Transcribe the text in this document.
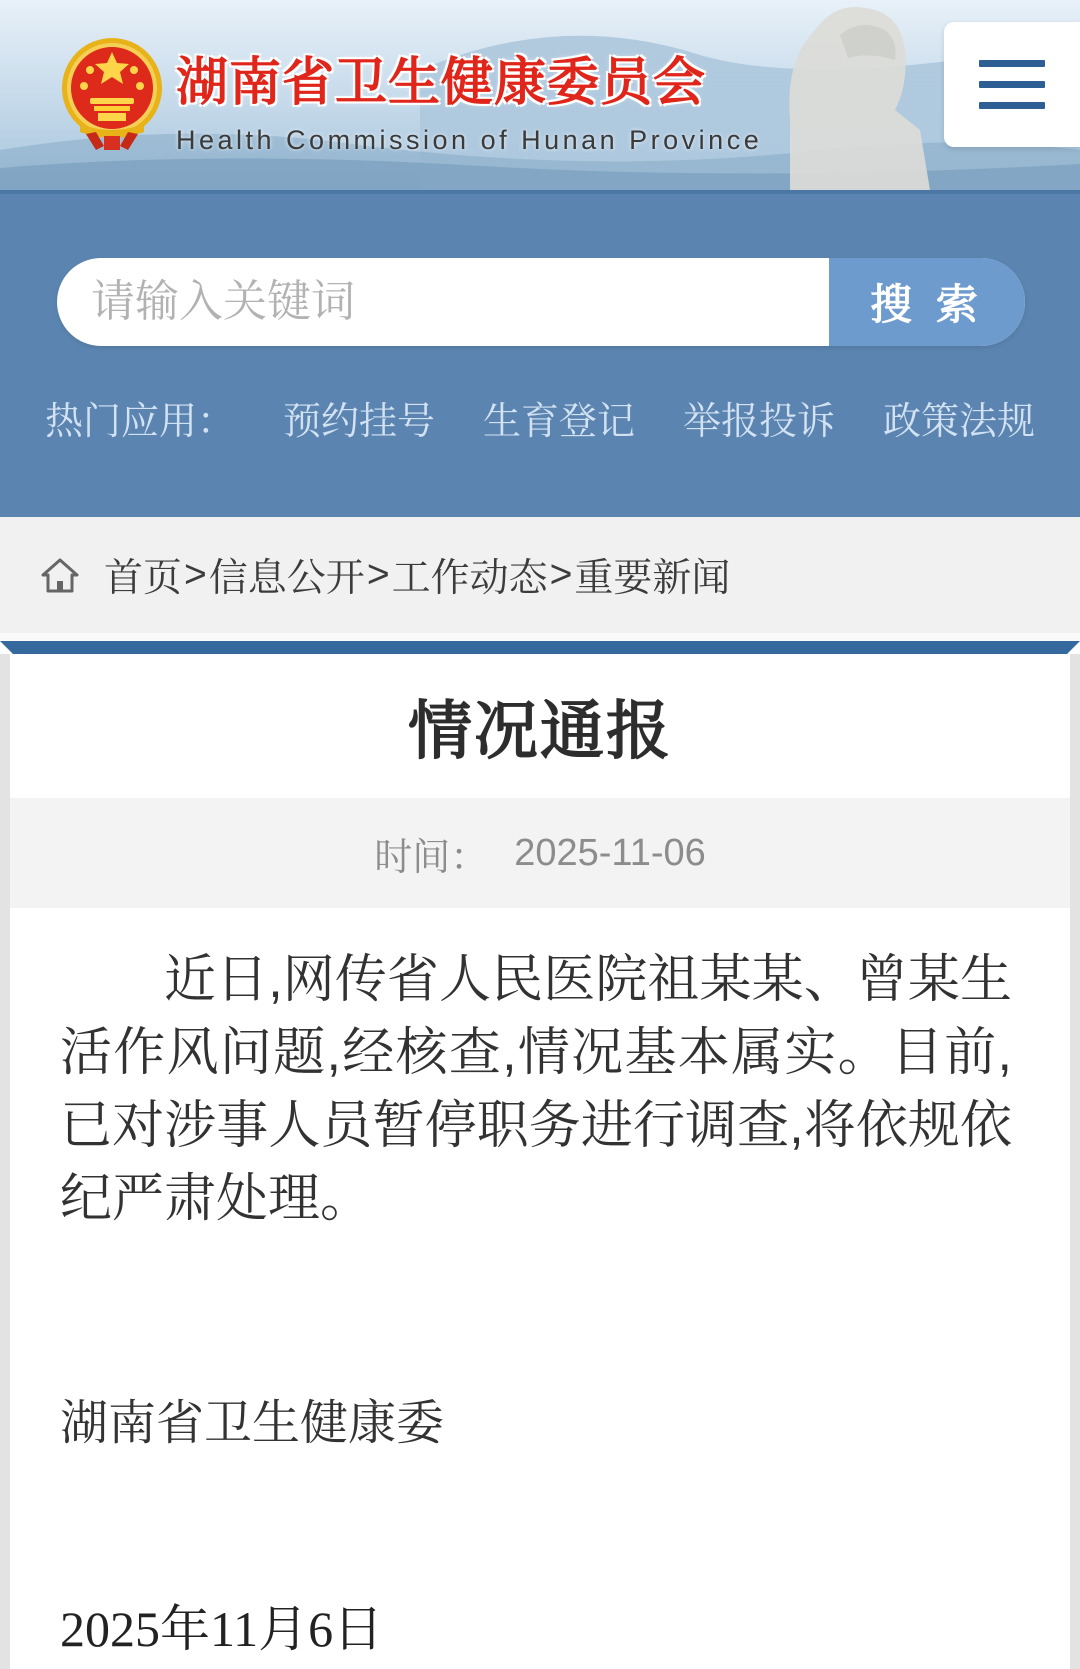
湖南省卫生健康委员会
Health Commission of Hunan Province
请输入关键词
搜 索
热门应用： 预约挂号 生育登记 举报投诉 政策法规
首页 > 信息公开 > 工作动态 > 重要新闻
情况通报
时间： 2025-11-06

近日,网传省人民医院祖某某、曾某生活作风问题,经核查,情况基本属实。目前,已对涉事人员暂停职务进行调查,将依规依纪严肃处理。

湖南省卫生健康委
2025年11月6日
